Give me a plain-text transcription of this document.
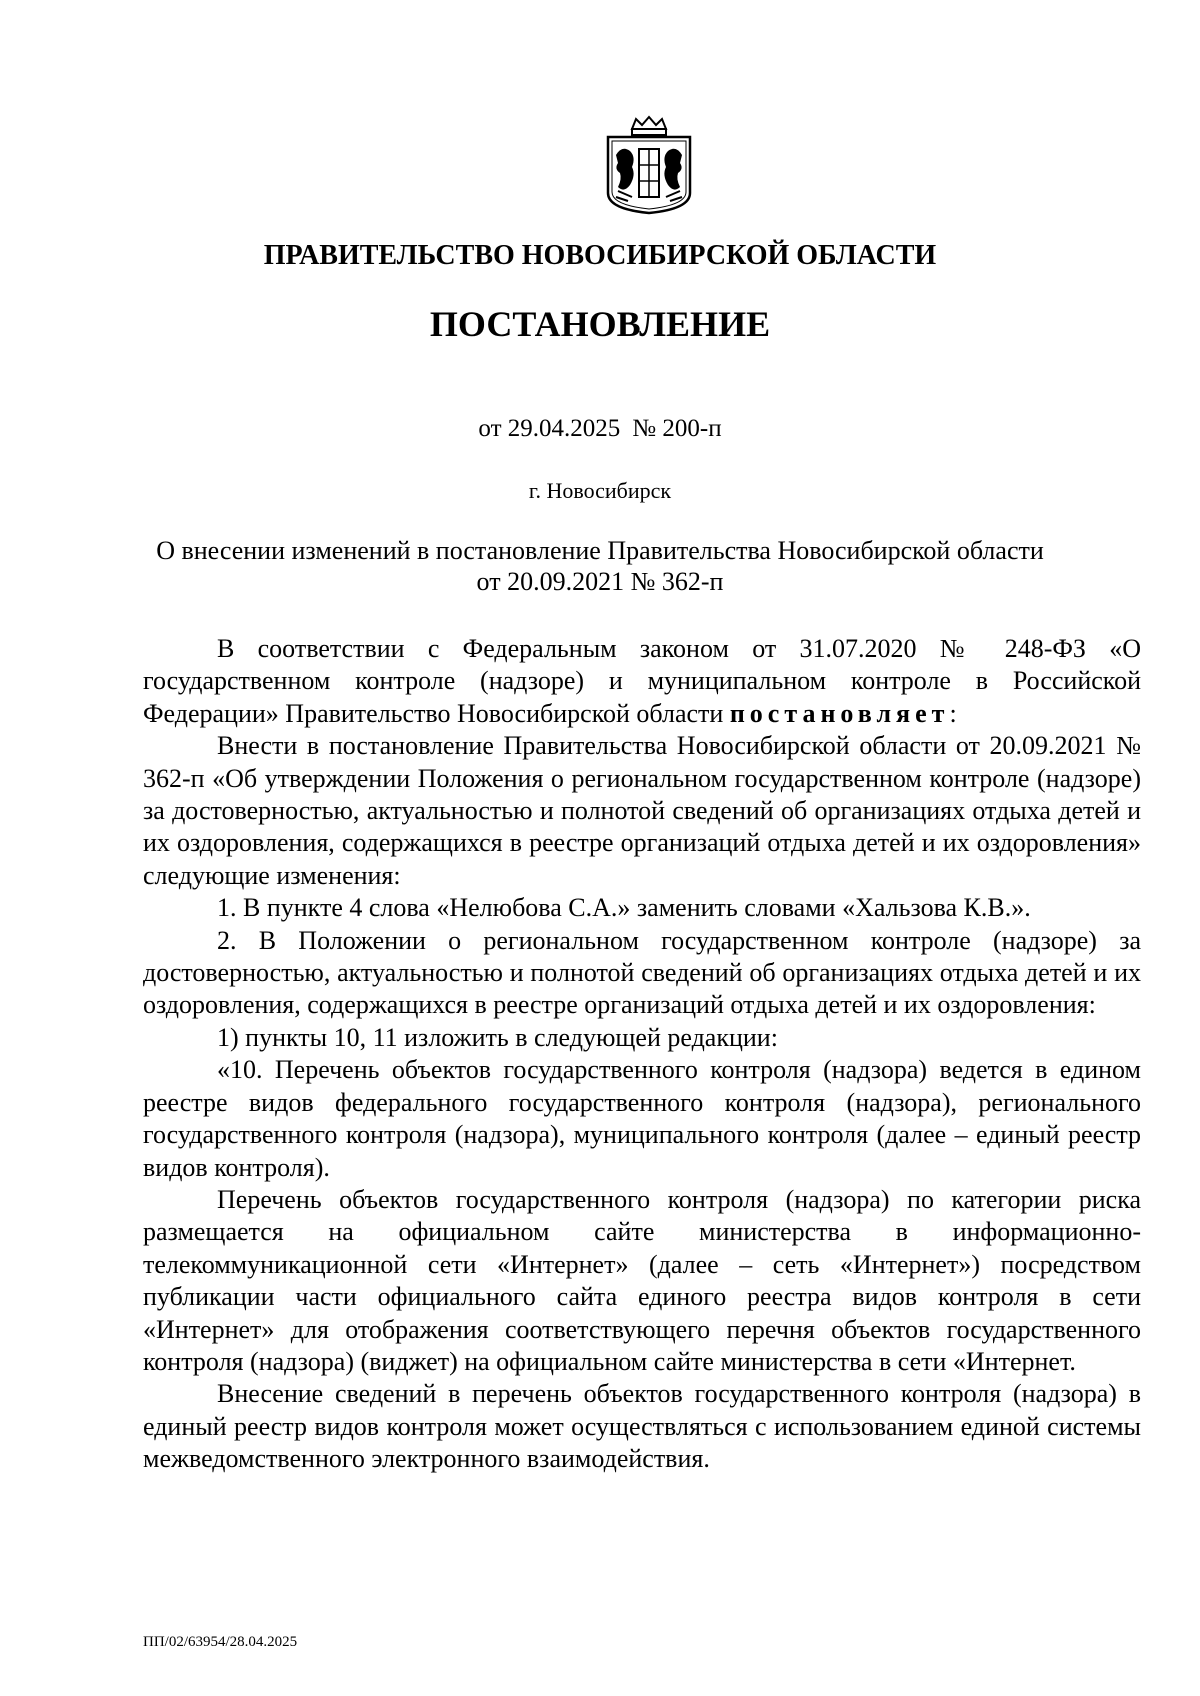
ПРАВИТЕЛЬСТВО НОВОСИБИРСКОЙ ОБЛАСТИ
ПОСТАНОВЛЕНИЕ
от 29.04.2025 № 200-п
г. Новосибирск
О внесении изменений в постановление Правительства Новосибирской области
от 20.09.2021 № 362-п

В соответствии с Федеральным законом от 31.07.2020 № 248-ФЗ «О государственном контроле (надзоре) и муниципальном контроле в Российской Федерации» Правительство Новосибирской области постановляет:

Внести в постановление Правительства Новосибирской области от 20.09.2021 № 362-п «Об утверждении Положения о региональном государственном контроле (надзоре) за достоверностью, актуальностью и полнотой сведений об организациях отдыха детей и их оздоровления, содержащихся в реестре организаций отдыха детей и их оздоровления» следующие изменения:

1. В пункте 4 слова «Нелюбова С.А.» заменить словами «Хальзова К.В.».

2. В Положении о региональном государственном контроле (надзоре) за достоверностью, актуальностью и полнотой сведений об организациях отдыха детей и их оздоровления, содержащихся в реестре организаций отдыха детей и их оздоровления:

1) пункты 10, 11 изложить в следующей редакции:

«10. Перечень объектов государственного контроля (надзора) ведется в едином реестре видов федерального государственного контроля (надзора), регионального государственного контроля (надзора), муниципального контроля (далее – единый реестр видов контроля).

Перечень объектов государственного контроля (надзора) по категории риска размещается на официальном сайте министерства в информационно-телекоммуникационной сети «Интернет» (далее – сеть «Интернет») посредством публикации части официального сайта единого реестра видов контроля в сети «Интернет» для отображения соответствующего перечня объектов государственного контроля (надзора) (виджет) на официальном сайте министерства в сети «Интернет.

Внесение сведений в перечень объектов государственного контроля (надзора) в единый реестр видов контроля может осуществляться с использованием единой системы межведомственного электронного взаимодействия.

ПП/02/63954/28.04.2025
